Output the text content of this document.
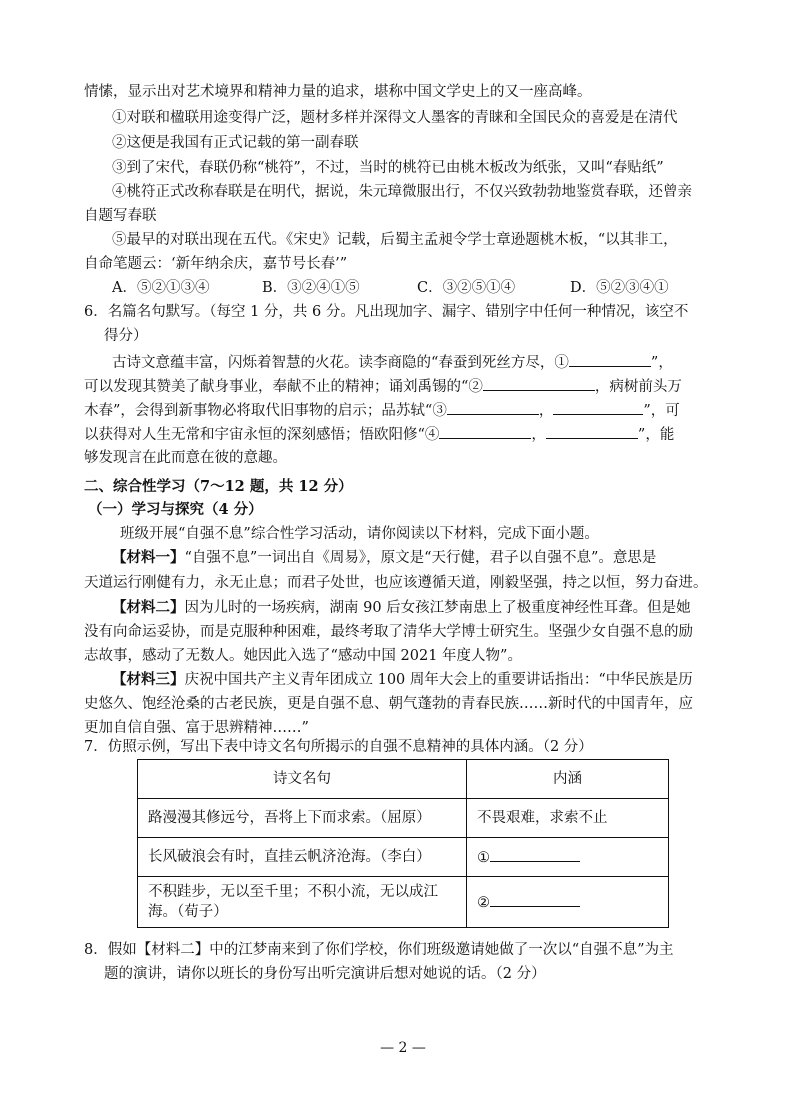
情愫，显示出对艺术境界和精神力量的追求，堪称中国文学史上的又一座高峰。
①对联和楹联用途变得广泛，题材多样并深得文人墨客的青睐和全国民众的喜爱是在清代
②这便是我国有正式记载的第一副春联
③到了宋代，春联仍称“桃符”，不过，当时的桃符已由桃木板改为纸张，又叫“春贴纸”
④桃符正式改称春联是在明代，据说，朱元璋微服出行，不仅兴致勃勃地鉴赏春联，还曾亲
自题写春联
⑤最早的对联出现在五代。《宋史》记载，后蜀主孟昶令学士章逊题桃木板，“以其非工，
自命笔题云：‘新年纳余庆，嘉节号长春’”
A．⑤②①③④	B．③②④①⑤	C．③②⑤①④	D．⑤②③④①
6．名篇名句默写。（每空 1 分，共 6 分。凡出现加字、漏字、错别字中任何一种情况，该空不
得分）
古诗文意蕴丰富，闪烁着智慧的火花。读李商隐的“春蚕到死丝方尽，①	”，
可以发现其赞美了献身事业，奉献不止的精神；诵刘禹锡的“②	，病树前头万
木春”，会得到新事物必将取代旧事物的启示；品苏轼“③	，	”，可
以获得对人生无常和宇宙永恒的深刻感悟；悟欧阳修“④	，	”，能
够发现言在此而意在彼的意趣。
二、综合性学习（7～12 题，共 12 分）
（一）学习与探究（4 分）
班级开展“自强不息”综合性学习活动，请你阅读以下材料，完成下面小题。
【材料一】“自强不息”一词出自《周易》，原文是“天行健，君子以自强不息”。意思是
天道运行刚健有力，永无止息；而君子处世，也应该遵循天道，刚毅坚强，持之以恒，努力奋进。
【材料二】因为儿时的一场疾病，湖南 90 后女孩江梦南患上了极重度神经性耳聋。但是她
没有向命运妥协，而是克服种种困难，最终考取了清华大学博士研究生。坚强少女自强不息的励
志故事，感动了无数人。她因此入选了“感动中国 2021 年度人物”。
【材料三】庆祝中国共产主义青年团成立 100 周年大会上的重要讲话指出：“中华民族是历
史悠久、饱经沧桑的古老民族，更是自强不息、朝气蓬勃的青春民族……新时代的中国青年，应
更加自信自强、富于思辨精神……”
7．仿照示例，写出下表中诗文名句所揭示的自强不息精神的具体内涵。（2 分）
诗文名句	内涵
路漫漫其修远兮，吾将上下而求索。（屈原）	不畏艰难，求索不止
长风破浪会有时，直挂云帆济沧海。（李白）	①

不积跬步，无以至千里；不积小流，无以成江
海。（荀子）	②
8．假如【材料二】中的江梦南来到了你们学校，你们班级邀请她做了一次以“自强不息”为主
题的演讲，请你以班长的身份写出听完演讲后想对她说的话。（2 分）
— 2 —
